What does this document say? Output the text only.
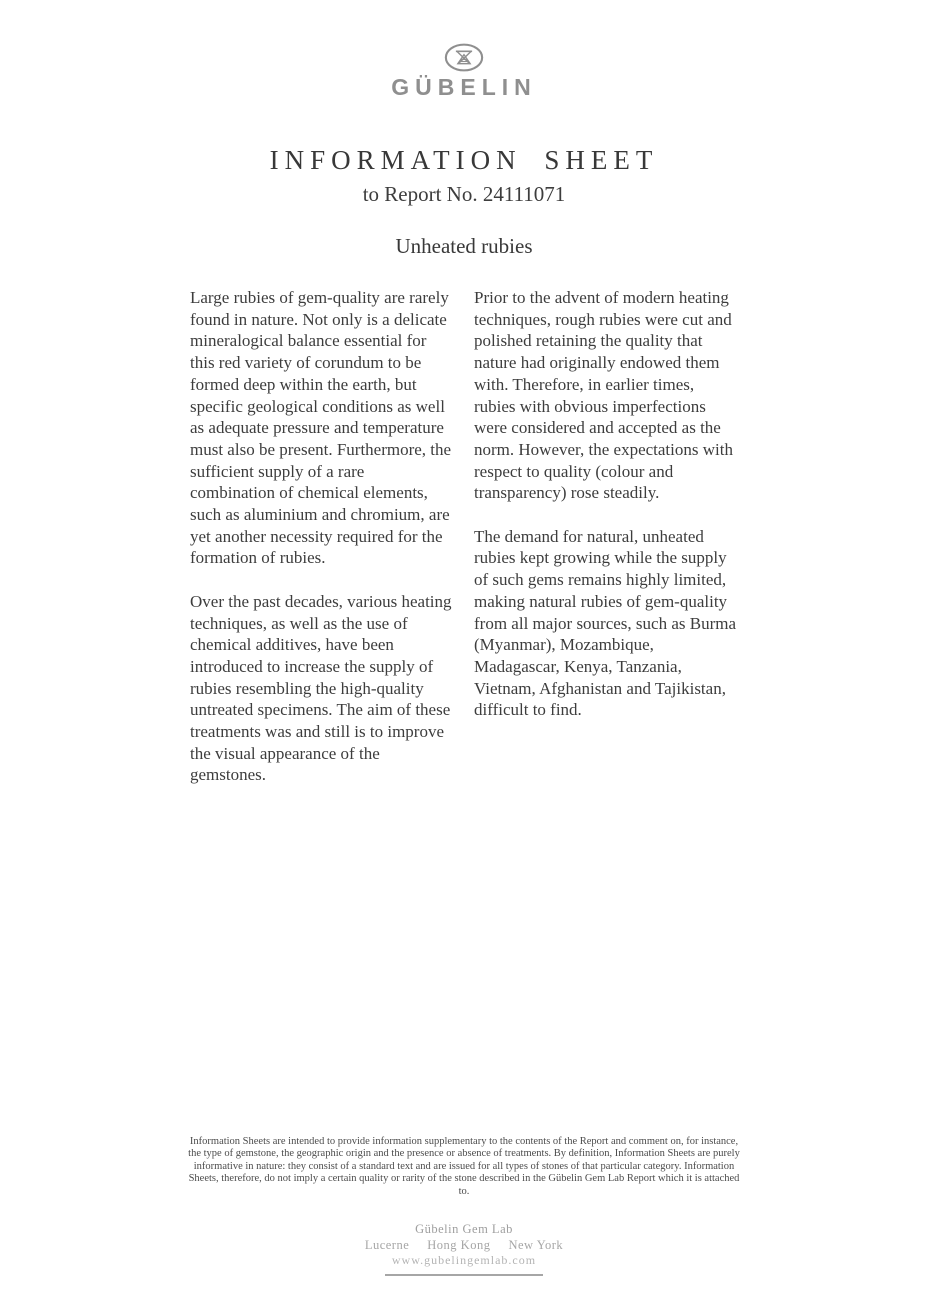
GÜBELIN
INFORMATION SHEET

to Report No. 24111071

Unheated rubies

Large rubies of gem-quality are rarely found in nature. Not only is a delicate mineralogical balance essential for this red variety of corundum to be formed deep within the earth, but specific geological conditions as well as adequate pressure and temperature must also be present. Furthermore, the sufficient supply of a rare combination of chemical elements, such as aluminium and chromium, are yet another necessity required for the formation of rubies.

Over the past decades, various heating techniques, as well as the use of chemical additives, have been introduced to increase the supply of rubies resembling the high-quality untreated specimens. The aim of these treatments was and still is to improve the visual appearance of the gemstones.

Prior to the advent of modern heating techniques, rough rubies were cut and polished retaining the quality that nature had originally endowed them with. Therefore, in earlier times, rubies with obvious imperfections were considered and accepted as the norm. However, the expectations with respect to quality (colour and transparency) rose steadily.

The demand for natural, unheated rubies kept growing while the supply of such gems remains highly limited, making natural rubies of gem-quality from all major sources, such as Burma (Myanmar), Mozambique, Madagascar, Kenya, Tanzania, Vietnam, Afghanistan and Tajikistan, difficult to find.

Information Sheets are intended to provide information supplementary to the contents of the Report and comment on, for instance, the type of gemstone, the geographic origin and the presence or absence of treatments. By definition, Information Sheets are purely informative in nature: they consist of a standard text and are issued for all types of stones of that particular category. Information Sheets, therefore, do not imply a certain quality or rarity of the stone described in the Gübelin Gem Lab Report which it is attached to.
Gübelin Gem Lab
Lucerne Hong Kong New York
www.gubelingemlab.com
